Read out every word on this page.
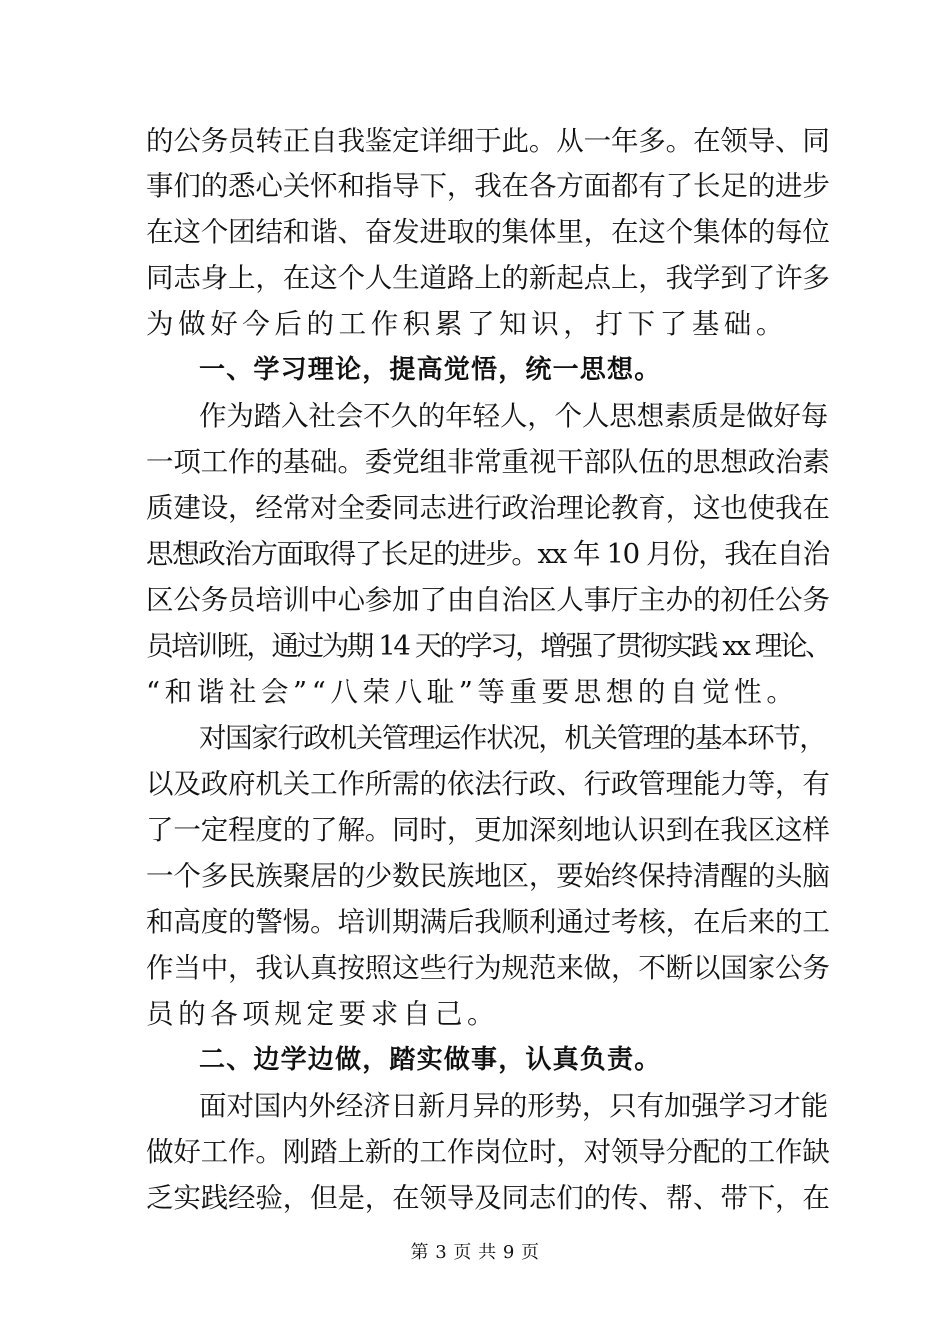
的公务员转正自我鉴定详细于此。从一年多。在领导、同
事们的悉心关怀和指导下，我在各方面都有了长足的进步
在这个团结和谐、奋发进取的集体里，在这个集体的每位
同志身上，在这个人生道路上的新起点上，我学到了许多
为做好今后的工作积累了知识，打下了基础。
一、学习理论，提高觉悟，统一思想。
作为踏入社会不久的年轻人，个人思想素质是做好每
一项工作的基础。委党组非常重视干部队伍的思想政治素
质建设，经常对全委同志进行政治理论教育，这也使我在
思想政治方面取得了长足的进步。xx 年 10 月份，我在自治
区公务员培训中心参加了由自治区人事厅主办的初任公务
员培训班，通过为期 14 天的学习，增强了贯彻实践 xx 理论、
“和谐社会”“八荣八耻”等重要思想的自觉性。
对国家行政机关管理运作状况，机关管理的基本环节，
以及政府机关工作所需的依法行政、行政管理能力等，有
了一定程度的了解。同时，更加深刻地认识到在我区这样
一个多民族聚居的少数民族地区，要始终保持清醒的头脑
和高度的警惕。培训期满后我顺利通过考核，在后来的工
作当中，我认真按照这些行为规范来做，不断以国家公务
员的各项规定要求自己。
二、边学边做，踏实做事，认真负责。
面对国内外经济日新月异的形势，只有加强学习才能
做好工作。刚踏上新的工作岗位时，对领导分配的工作缺
乏实践经验，但是，在领导及同志们的传、帮、带下，在
第 3 页 共 9 页
